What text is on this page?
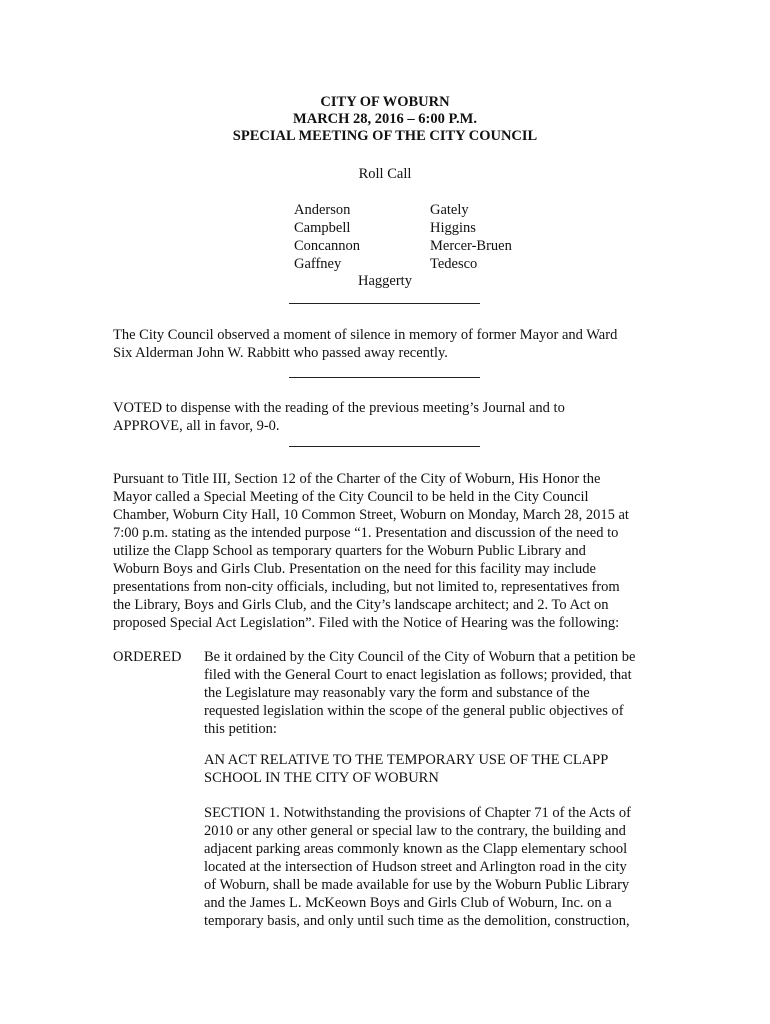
CITY OF WOBURN
MARCH 28, 2016 – 6:00 P.M.
SPECIAL MEETING OF THE CITY COUNCIL
Roll Call
Anderson
Campbell
Concannon
Gaffney
Gately
Higgins
Mercer-Bruen
Tedesco
Haggerty
The City Council observed a moment of silence in memory of former Mayor and Ward
Six Alderman John W. Rabbitt who passed away recently.
VOTED to dispense with the reading of the previous meeting’s Journal and to
APPROVE, all in favor, 9-0.
Pursuant to Title III, Section 12 of the Charter of the City of Woburn, His Honor the
Mayor called a Special Meeting of the City Council to be held in the City Council
Chamber, Woburn City Hall, 10 Common Street, Woburn on Monday, March 28, 2015 at
7:00 p.m. stating as the intended purpose “1. Presentation and discussion of the need to
utilize the Clapp School as temporary quarters for the Woburn Public Library and
Woburn Boys and Girls Club. Presentation on the need for this facility may include
presentations from non-city officials, including, but not limited to, representatives from
the Library, Boys and Girls Club, and the City’s landscape architect; and 2. To Act on
proposed Special Act Legislation”. Filed with the Notice of Hearing was the following:
ORDERED Be it ordained by the City Council of the City of Woburn that a petition be
filed with the General Court to enact legislation as follows; provided, that
the Legislature may reasonably vary the form and substance of the
requested legislation within the scope of the general public objectives of
this petition:
AN ACT RELATIVE TO THE TEMPORARY USE OF THE CLAPP
SCHOOL IN THE CITY OF WOBURN
SECTION 1. Notwithstanding the provisions of Chapter 71 of the Acts of
2010 or any other general or special law to the contrary, the building and
adjacent parking areas commonly known as the Clapp elementary school
located at the intersection of Hudson street and Arlington road in the city
of Woburn, shall be made available for use by the Woburn Public Library
and the James L. McKeown Boys and Girls Club of Woburn, Inc. on a
temporary basis, and only until such time as the demolition, construction,
